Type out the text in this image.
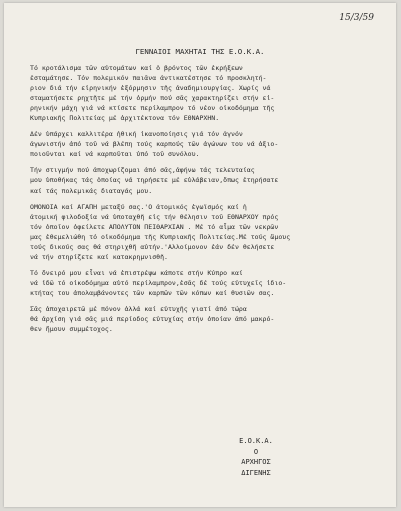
15/3/59
ΓΕΝΝΑΙΟΙ ΜΑΧΗΤΑΙ ΤΗΣ Ε.Ο.Κ.Α.
Τό κροτάλισμα τῶν αὐτομάτων καί ὁ βρόντος τῶν ἐκρήξεων
ἐσταμάτησε. Τόν πολεμικόν παιᾶνα ἀντικατέστησε τό προσκλητή-
ριον διά τήν εἰρηνικήν ἐξόρμησιν τῆς ἀναδημιουργίας. Χωρίς νά
σταματήσετε ρηχτῆτε μέ τήν ὁρμήν πού σᾶς χαρακτηρίζει στήν εἰ-
ρηνικήν μάχη γιά νά κτίσετε περίλαμπρον τό νέον οἰκοδόμημα τῆς
Κυπριακῆς Πολιτείας μέ ἀρχιτέκτονα τόν ΕΘΝΑΡΧΗΝ.
Δέν ὑπάρχει καλλιτέρα ἠθική ἱκανοποίησις γιά τόν ἁγνόν
ἀγωνιστήν ἀπό τοῦ νά βλέπη τούς καρπούς τῶν ἀγώνων του νά ἀξιο-
ποιοῦνται καί νά καρποῦται ὑπό τοῦ συνόλου.
Τήν στιγμήν πού ἀποχωρίζομαι ἀπό σᾶς,ἀφήνω τάς τελευταίας
μου ὑποθήκας τάς ὁποίας νά τηρήσετε μέ εὐλάβειαν,ὅπως ἐτηρήσατε
καί τάς πολεμικάς διαταγάς μου.
ΟΜΟΝΟΙΑ καί ΑΓΑΠΗ μεταξύ σας.'Ο ἀτομικός ἐγωϊσμός καί ἡ
ἀτομική φιλοδοξία νά ὑποταχθῆ εἰς τήν θέλησιν τοῦ ΕΘΝΑΡΧΟΥ πρός
τόν ὁποῖον ὀφείλετε ΑΠΟΛΥΤΟΝ ΠΕΙΘΑΡΧΙΑΝ . Μέ τό αἷμα τῶν νεκρῶν
μας ἐθεμελιώθη τό οἰκοδόμημα τῆς Κυπριακῆς Πολιτείας.Μέ τούς ὤμους
τούς δικούς σας θά στηριχθῆ αὐτήν.'Αλλοίμονον ἐάν δέν θελήσετε
νά τήν στηρίζετε καί κατακρημνισθῆ.
Τό ὄνειρό μου εἶναι νά ἐπιστρέψω κάποτε στήν Κύπρο καί
νά ἰδῶ τό οἰκοδόμημα αὐτό περίλαμπρον,ἐσᾶς δέ τούς εὐτυχεῖς ἰδιο-
κτήτας του ἀπολαμβάνοντες τῶν καρπῶν τῶν κόπων καί θυσιῶν σας.
Σᾶς ἀποχαιρετῶ μέ πόνον ἀλλά καί εὐτυχῆς γιατί ἀπό τώρα
θά ἀρχίση γιά σᾶς μιά περίοδος εὐτυχίας στήν ὁποίαν ἀπό μακρό-
θεν ἤμουν συμμέτοχος.
Ε.Ο.Κ.Α.
Ο
ΑΡΧΗΓΟΣ
ΔΙΓΕΝΗΣ
